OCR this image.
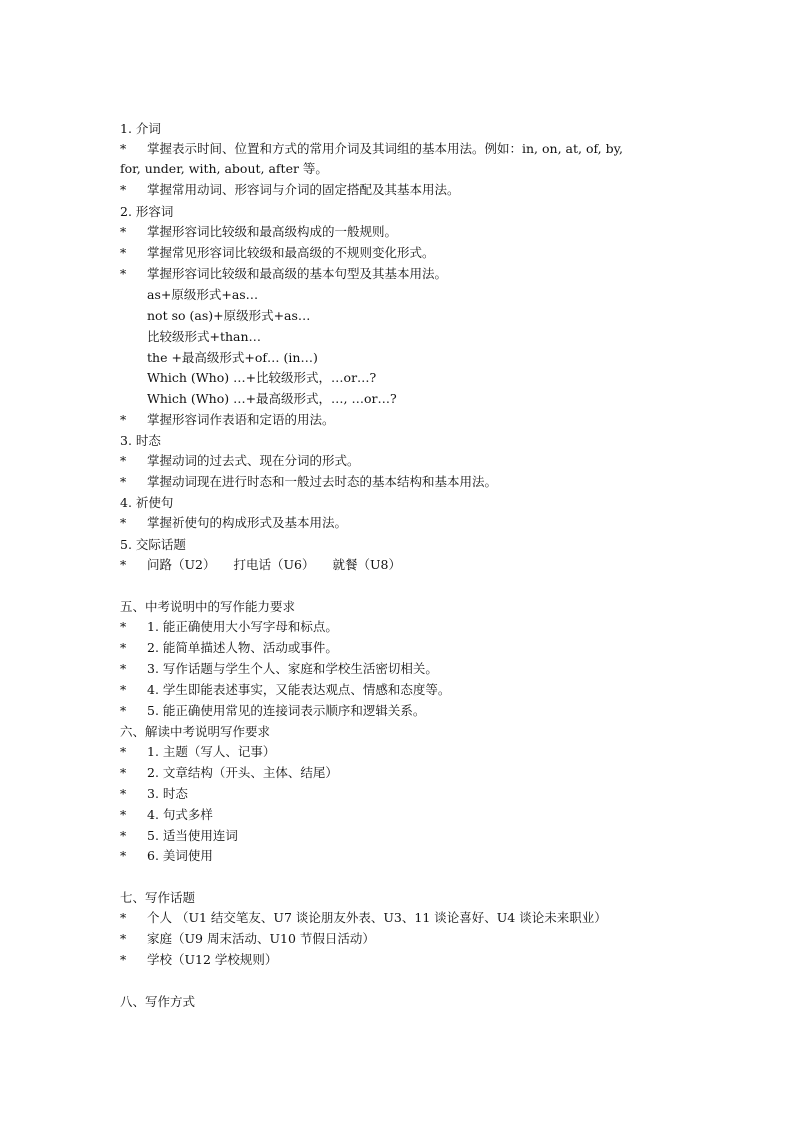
1. 介词
* 掌握表示时间、位置和方式的常用介词及其词组的基本用法。例如：in, on, at, of, by,
for, under, with, about, after 等。
* 掌握常用动词、形容词与介词的固定搭配及其基本用法。
2. 形容词
* 掌握形容词比较级和最高级构成的一般规则。
* 掌握常见形容词比较级和最高级的不规则变化形式。
* 掌握形容词比较级和最高级的基本句型及其基本用法。
as+原级形式+as…
not so (as)+原级形式+as…
比较级形式+than…
the +最高级形式+of… (in…)
Which (Who) …+比较级形式，…or…?
Which (Who) …+最高级形式，…, …or…?
* 掌握形容词作表语和定语的用法。
3. 时态
* 掌握动词的过去式、现在分词的形式。
* 掌握动词现在进行时态和一般过去时态的基本结构和基本用法。
4. 祈使句
* 掌握祈使句的构成形式及基本用法。
5. 交际话题
* 问路（U2） 打电话（U6） 就餐（U8）
五、中考说明中的写作能力要求
* 1. 能正确使用大小写字母和标点。
* 2. 能简单描述人物、活动或事件。
* 3. 写作话题与学生个人、家庭和学校生活密切相关。
* 4. 学生即能表述事实，又能表达观点、情感和态度等。
* 5. 能正确使用常见的连接词表示顺序和逻辑关系。
六、解读中考说明写作要求
* 1. 主题（写人、记事）
* 2. 文章结构（开头、主体、结尾）
* 3. 时态
* 4. 句式多样
* 5. 适当使用连词
* 6. 美词使用
七、写作话题
* 个人 （U1 结交笔友、U7 谈论朋友外表、U3、11 谈论喜好、U4 谈论未来职业）
* 家庭（U9 周末活动、U10 节假日活动）
* 学校（U12 学校规则）
八、写作方式
